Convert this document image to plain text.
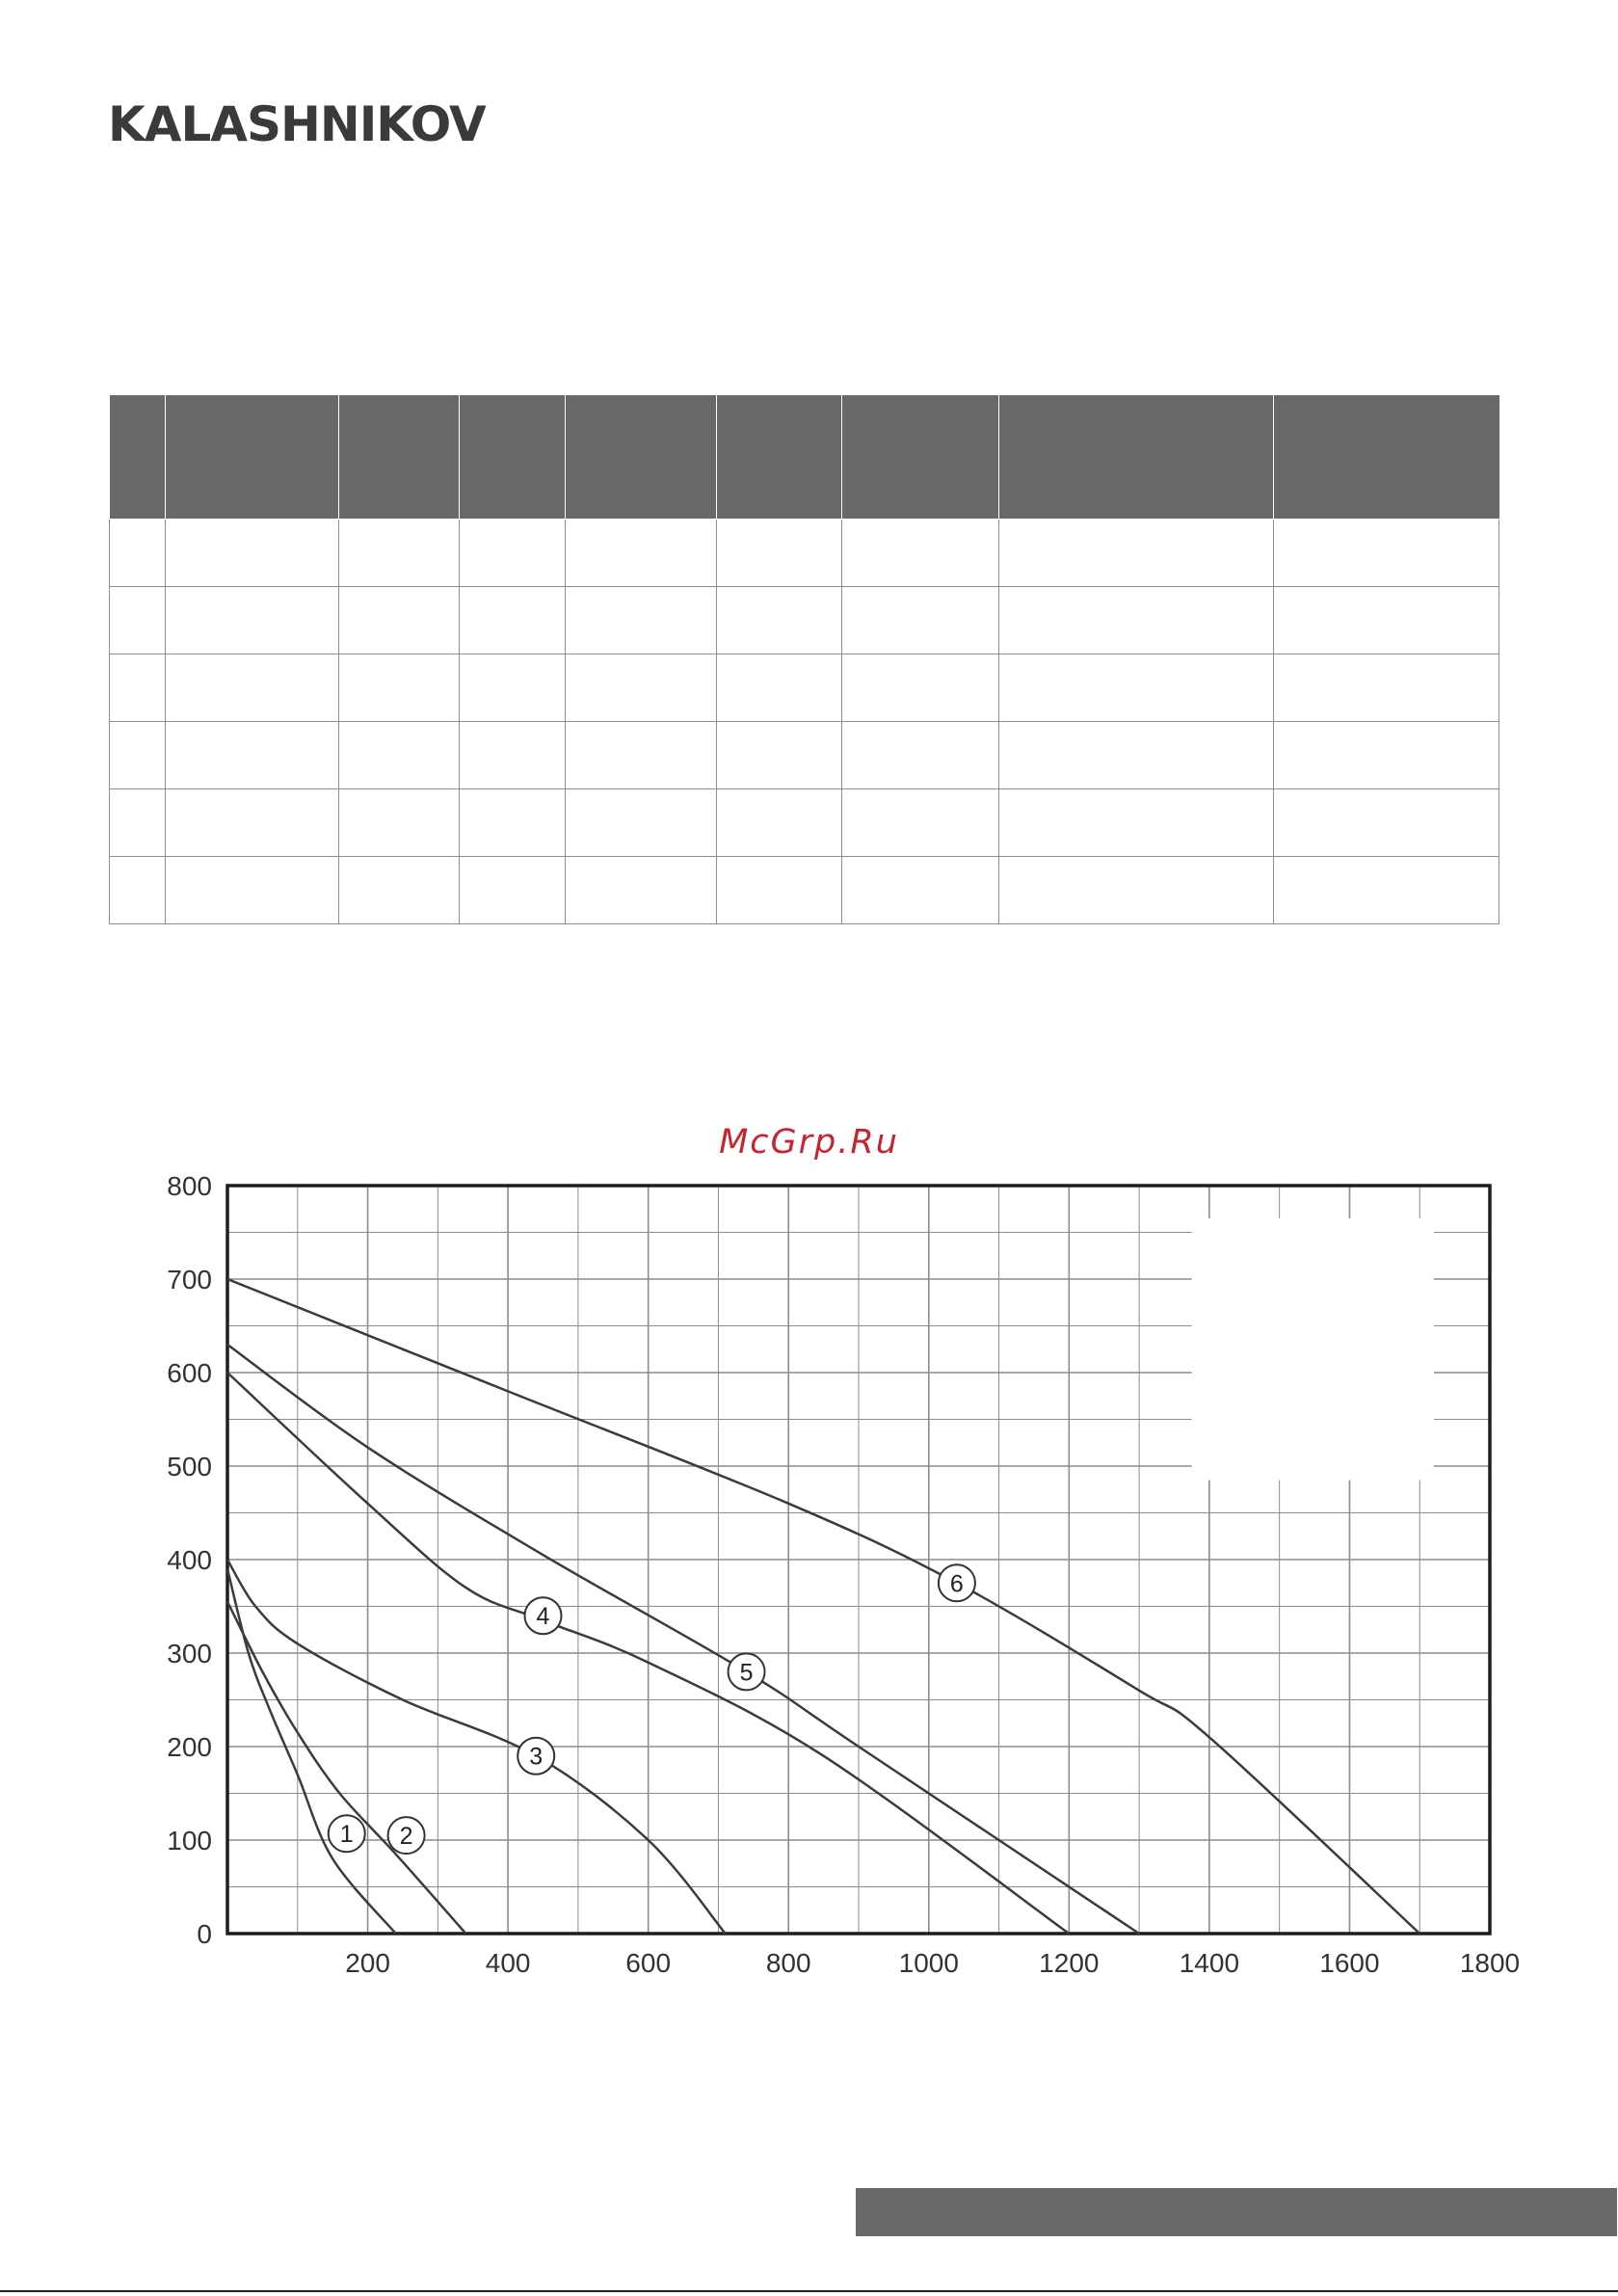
KALASHNIKOV

McGrp.Ru
200	400	600	800	1000	1200	1400	1600	1800
0
100
200
300
400
500
600
700
800
1 2
3
4
5
6
